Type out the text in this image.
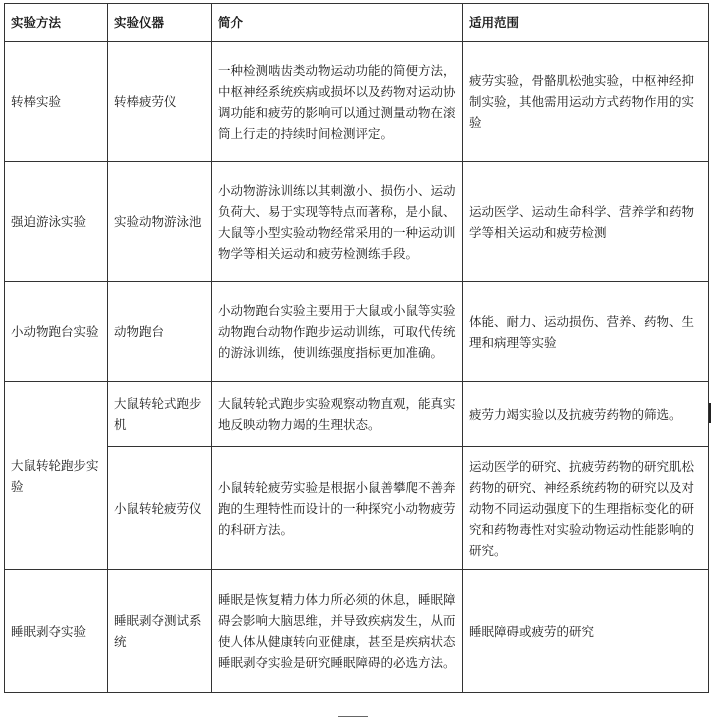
实验方法	实验仪器	简介	适用范围
转棒实验	转棒疲劳仪	一种检测啮齿类动物运动功能的简便方法，中枢神经系统疾病或损坏以及药物对运动协调功能和疲劳的影响可以通过测量动物在滚筒上行走的持续时间检测评定。	疲劳实验，骨骼肌松弛实验，中枢神经抑制实验，其他需用运动方式药物作用的实验
强迫游泳实验	实验动物游泳池	小动物游泳训练以其刺激小、损伤小、运动负荷大、易于实现等特点而著称，是小鼠、大鼠等小型实验动物经常采用的一种运动训物学等相关运动和疲劳检测练手段。	运动医学、运动生命科学、营养学和药物学等相关运动和疲劳检测
小动物跑台实验	动物跑台	小动物跑台实验主要用于大鼠或小鼠等实验动物跑台动物作跑步运动训练，可取代传统的游泳训练，使训练强度指标更加准确。	体能、耐力、运动损伤、营养、药物、生理和病理等实验
大鼠转轮跑步实验	大鼠转轮式跑步机	大鼠转轮式跑步实验观察动物直观，能真实地反映动物力竭的生理状态。	疲劳力竭实验以及抗疲劳药物的筛选。
	小鼠转轮疲劳仪	小鼠转轮疲劳实验是根据小鼠善攀爬不善奔跑的生理特性而设计的一种探究小动物疲劳的科研方法。	运动医学的研究、抗疲劳药物的研究肌松药物的研究、神经系统药物的研究以及对动物不同运动强度下的生理指标变化的研究和药物毒性对实验动物运动性能影响的研究。
睡眠剥夺实验	睡眠剥夺测试系统	睡眠是恢复精力体力所必须的休息，睡眠障碍会影响大脑思维，并导致疾病发生，从而使人体从健康转向亚健康，甚至是疾病状态睡眠剥夺实验是研究睡眠障碍的必选方法。	睡眠障碍或疲劳的研究
